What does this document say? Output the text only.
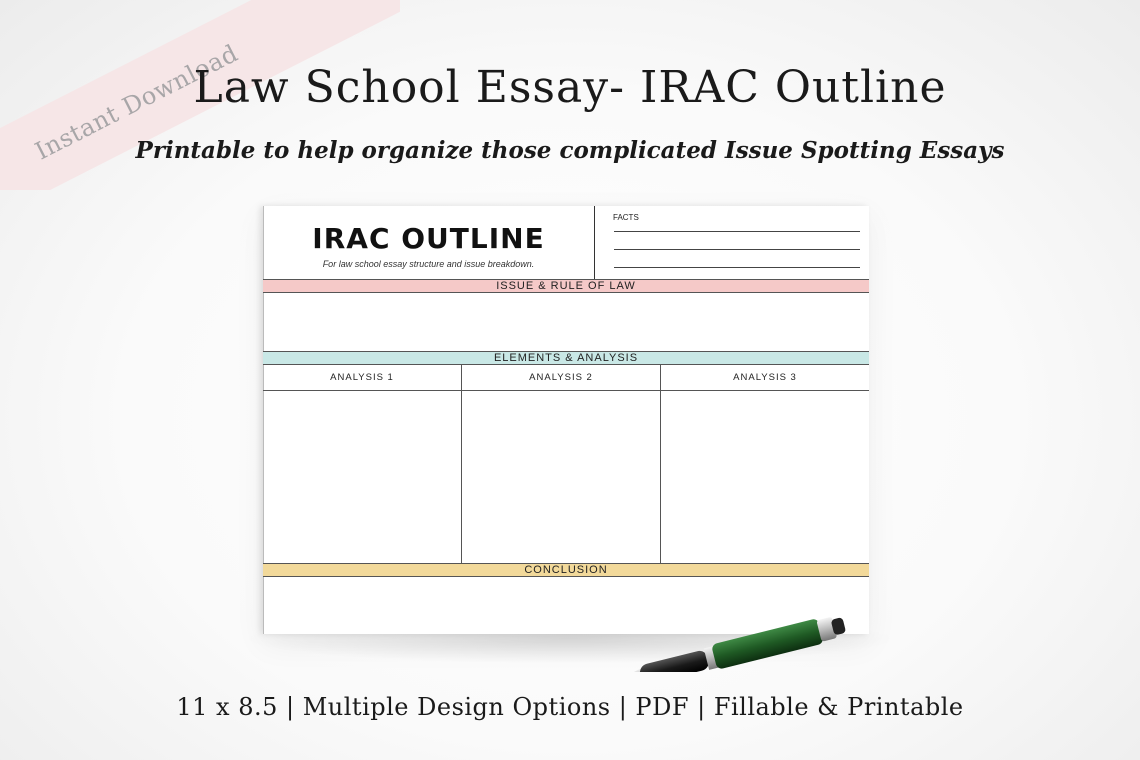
Instant Download
Law School Essay- IRAC Outline
Printable to help organize those complicated Issue Spotting Essays
IRAC OUTLINE
For law school essay structure and issue breakdown.
FACTS
ISSUE & RULE OF LAW
ELEMENTS & ANALYSIS
ANALYSIS 1	ANALYSIS 2	ANALYSIS 3
CONCLUSION
11 x 8.5 | Multiple Design Options | PDF | Fillable & Printable
